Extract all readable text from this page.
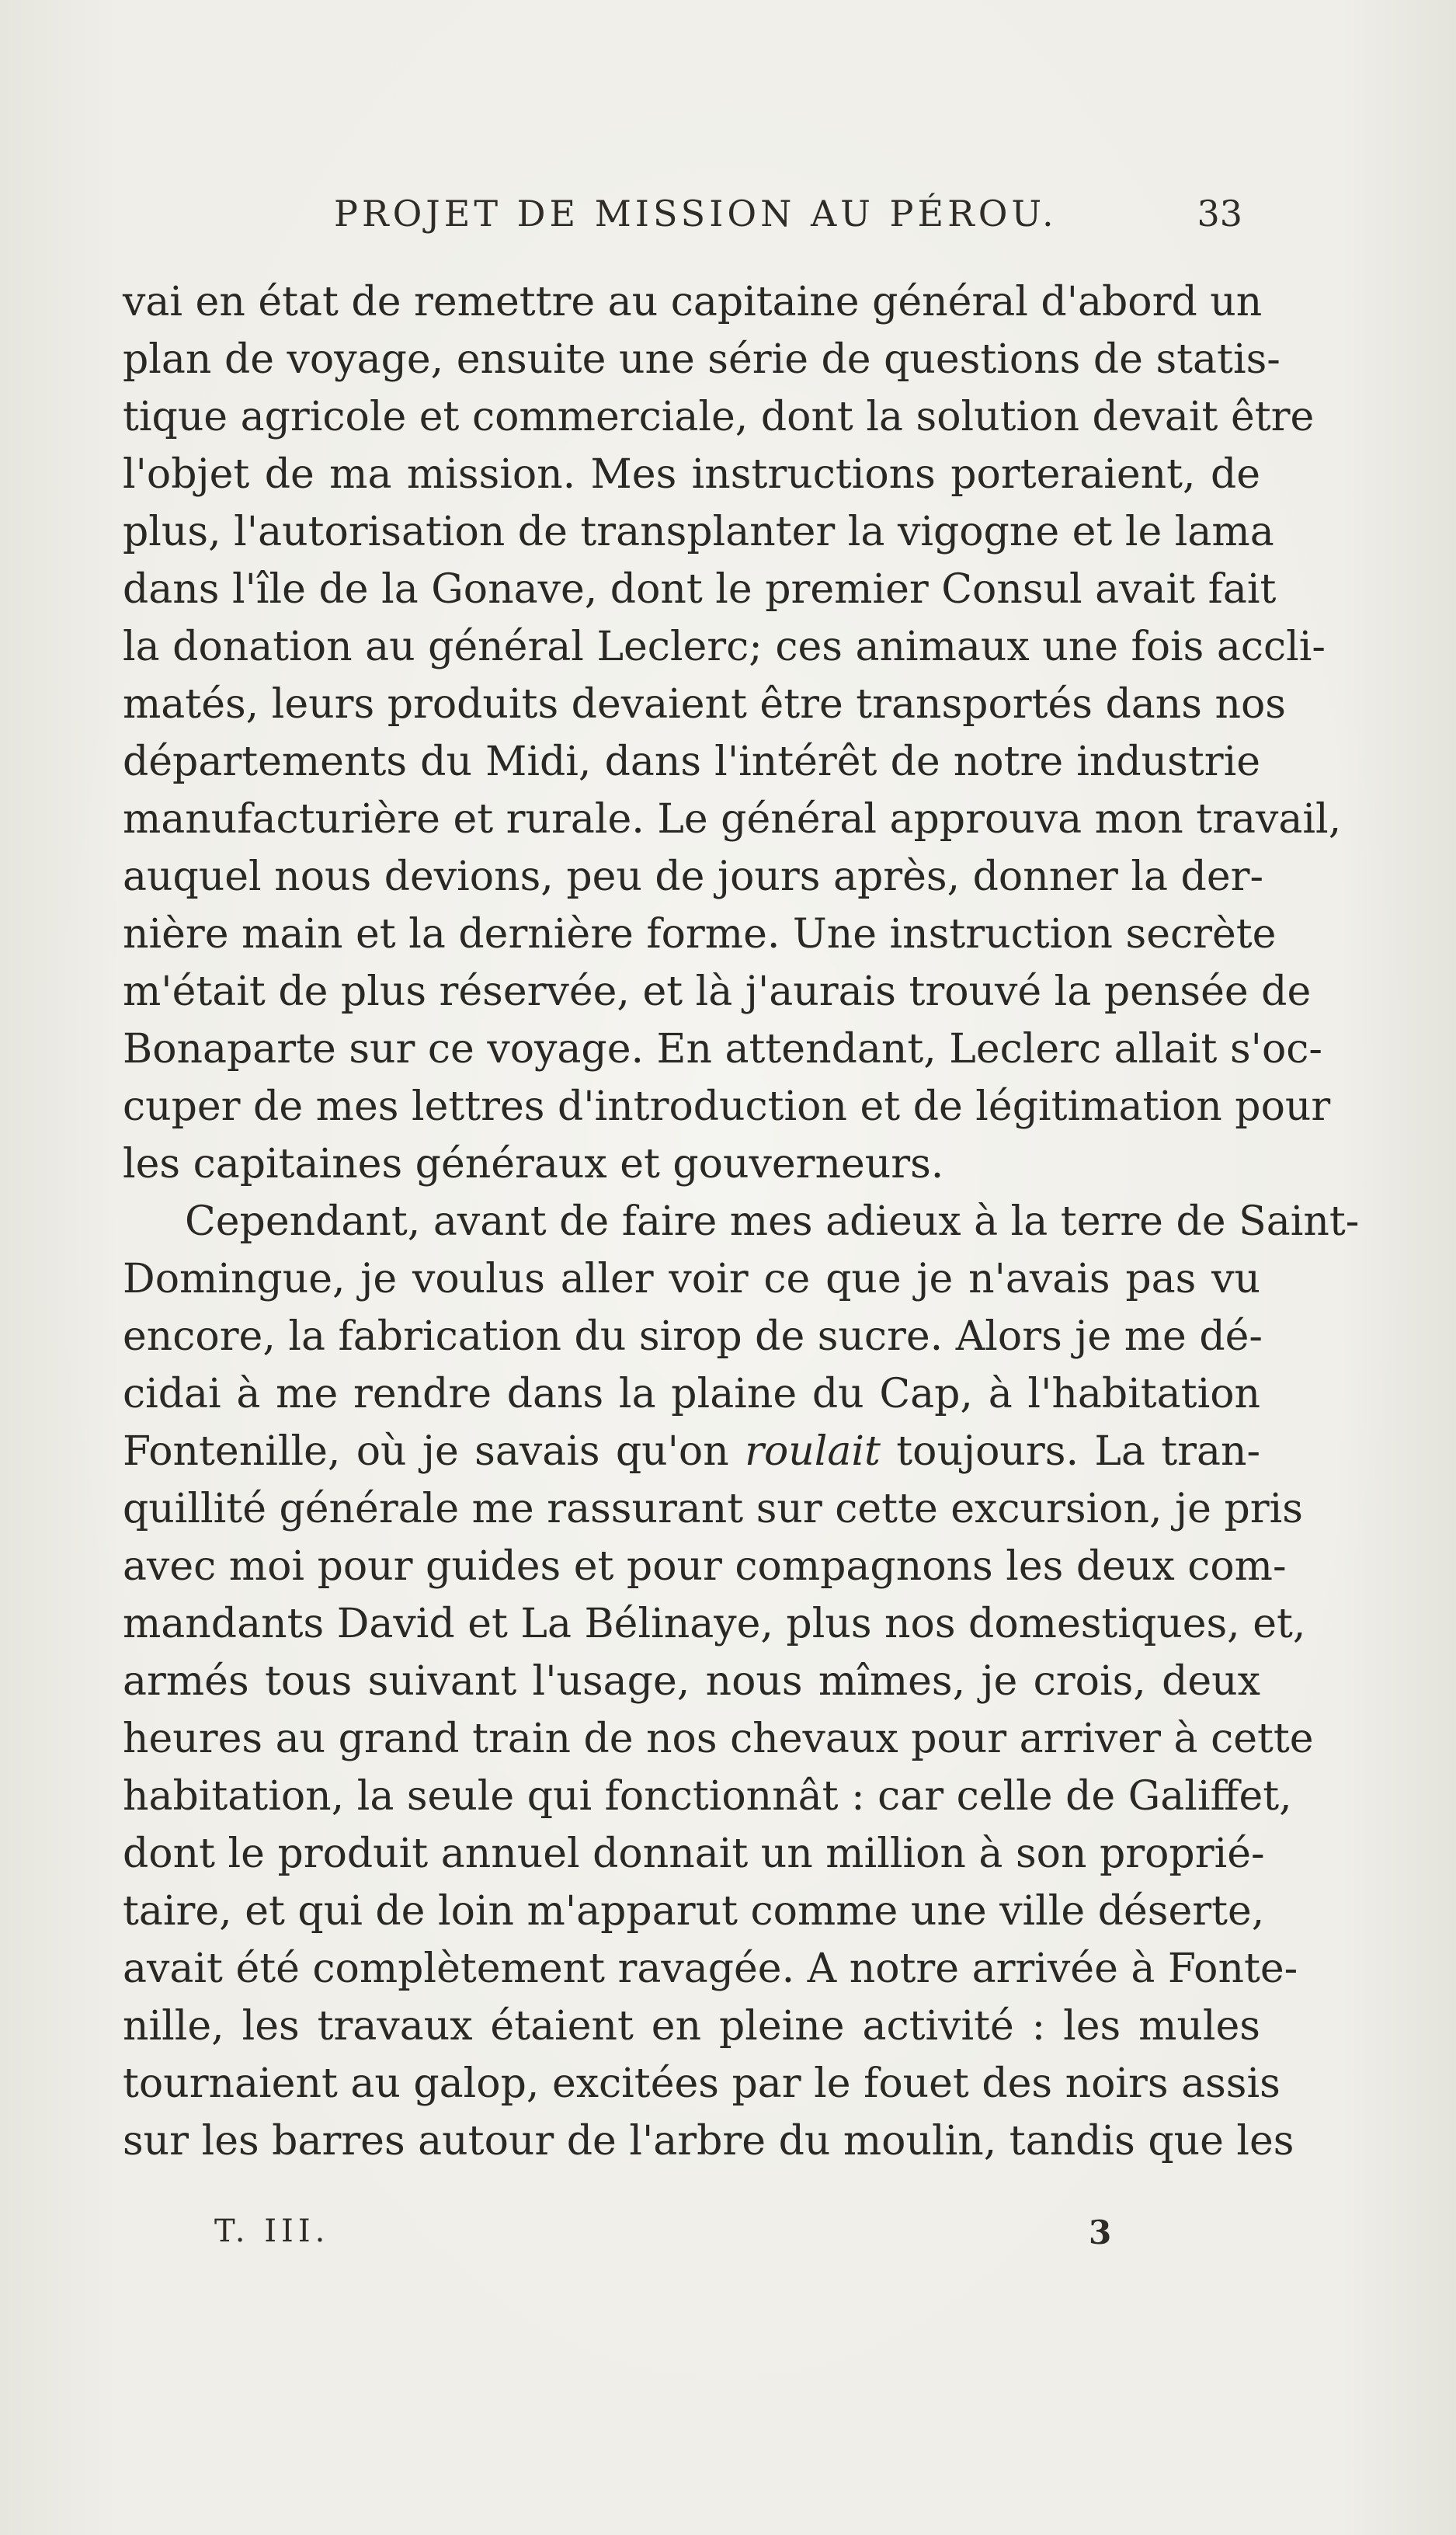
PROJET DE MISSION AU PÉROU.	33
vai en état de remettre au capitaine général d'abord un
plan de voyage, ensuite une série de questions de statis-
tique agricole et commerciale, dont la solution devait être
l'objet de ma mission. Mes instructions porteraient, de
plus, l'autorisation de transplanter la vigogne et le lama
dans l'île de la Gonave, dont le premier Consul avait fait
la donation au général Leclerc; ces animaux une fois accli-
matés, leurs produits devaient être transportés dans nos
départements du Midi, dans l'intérêt de notre industrie
manufacturière et rurale. Le général approuva mon travail,
auquel nous devions, peu de jours après, donner la der-
nière main et la dernière forme. Une instruction secrète
m'était de plus réservée, et là j'aurais trouvé la pensée de
Bonaparte sur ce voyage. En attendant, Leclerc allait s'oc-
cuper de mes lettres d'introduction et de légitimation pour
les capitaines généraux et gouverneurs.
Cependant, avant de faire mes adieux à la terre de Saint-
Domingue, je voulus aller voir ce que je n'avais pas vu
encore, la fabrication du sirop de sucre. Alors je me dé-
cidai à me rendre dans la plaine du Cap, à l'habitation
Fontenille, où je savais qu'on roulait toujours. La tran-
quillité générale me rassurant sur cette excursion, je pris
avec moi pour guides et pour compagnons les deux com-
mandants David et La Bélinaye, plus nos domestiques, et,
armés tous suivant l'usage, nous mîmes, je crois, deux
heures au grand train de nos chevaux pour arriver à cette
habitation, la seule qui fonctionnât : car celle de Galiffet,
dont le produit annuel donnait un million à son proprié-
taire, et qui de loin m'apparut comme une ville déserte,
avait été complètement ravagée. A notre arrivée à Fonte-
nille, les travaux étaient en pleine activité : les mules
tournaient au galop, excitées par le fouet des noirs assis
sur les barres autour de l'arbre du moulin, tandis que les
T. III.	3
